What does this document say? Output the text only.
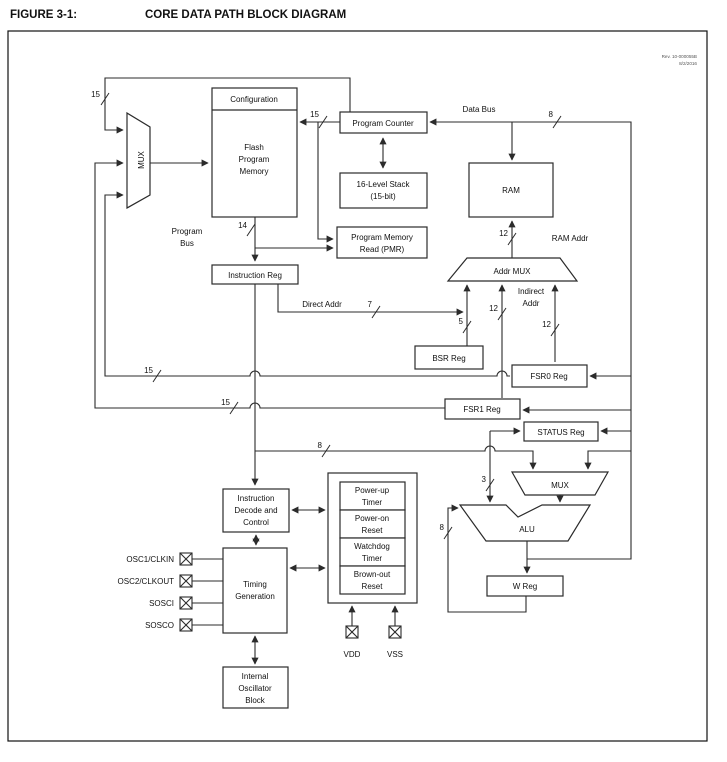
FIGURE 3-1:	CORE DATA PATH BLOCK DIAGRAM
Rev. 10-000055B
8/2/2016
15
15	8
14
7
5
12
12
12
15
15
8
3
8
Data Bus
RAM Addr
Program Bus
Direct Addr
Indirect Addr
MUX
Configuration
Flash Program Memory
Program Counter
16-Level Stack (15-bit)
RAM
Program Memory Read (PMR)
Instruction Reg	Addr MUX
BSR Reg
FSR0 Reg
FSR1 Reg
STATUS Reg
MUX
ALU
W Reg
Instruction Decode and Control
Timing Generation
Power-up Timer
Power-on Reset
Watchdog Timer
Brown-out Reset
Internal Oscillator Block
OSC1/CLKIN
OSC2/CLKOUT
SOSCI
SOSCO
VDD	VSS
